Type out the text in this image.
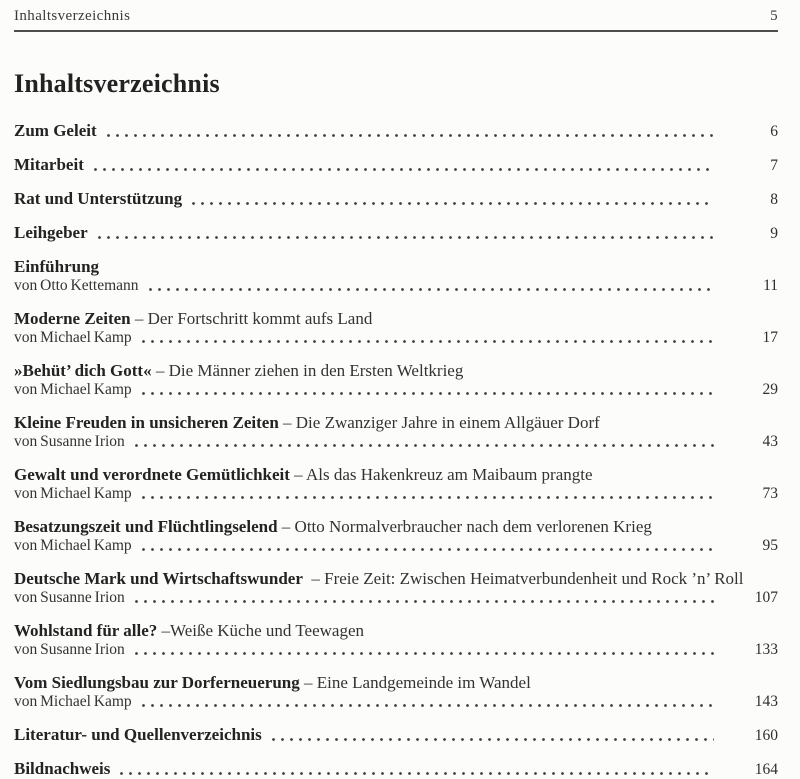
Inhaltsverzeichnis	5
Inhaltsverzeichnis
Zum Geleit	6
Mitarbeit	7
Rat und Unterstützung	8
Leihgeber	9
Einführung
von Otto Kettemann	11
Moderne Zeiten – Der Fortschritt kommt aufs Land
von Michael Kamp	17
»Behüt’ dich Gott« – Die Männer ziehen in den Ersten Weltkrieg
von Michael Kamp	29
Kleine Freuden in unsicheren Zeiten – Die Zwanziger Jahre in einem Allgäuer Dorf
von Susanne Irion	43
Gewalt und verordnete Gemütlichkeit – Als das Hakenkreuz am Maibaum prangte
von Michael Kamp	73
Besatzungszeit und Flüchtlingselend – Otto Normalverbraucher nach dem verlorenen Krieg
von Michael Kamp	95
Deutsche Mark und Wirtschaftswunder  – Freie Zeit: Zwischen Heimatverbundenheit und Rock ’n’ Roll
von Susanne Irion	107
Wohlstand für alle? –Weiße Küche und Teewagen
von Susanne Irion	133
Vom Siedlungsbau zur Dorferneuerung – Eine Landgemeinde im Wandel
von Michael Kamp	143
Literatur- und Quellenverzeichnis	160
Bildnachweis	164
